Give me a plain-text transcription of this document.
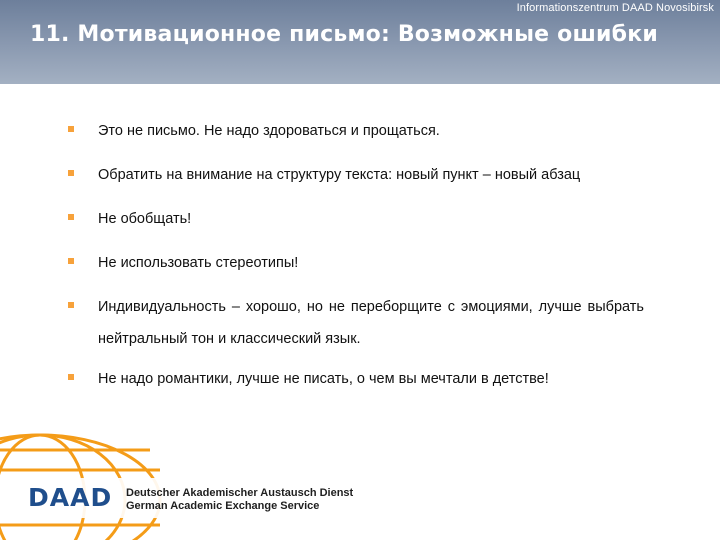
Informationszentrum DAAD Novosibirsk
11. Мотивационное письмо: Возможные ошибки
Это не письмо. Не надо здороваться и прощаться.
Обратить на внимание на структуру текста: новый пункт – новый абзац
Не обобщать!
Не использовать стереотипы!
Индивидуальность – хорошо, но не переборщите с эмоциями, лучше выбрать нейтральный тон и классический язык.
Не надо романтики, лучше не писать, о чем вы мечтали в детстве!
DAAD Deutscher Akademischer Austausch Dienst
German Academic Exchange Service
